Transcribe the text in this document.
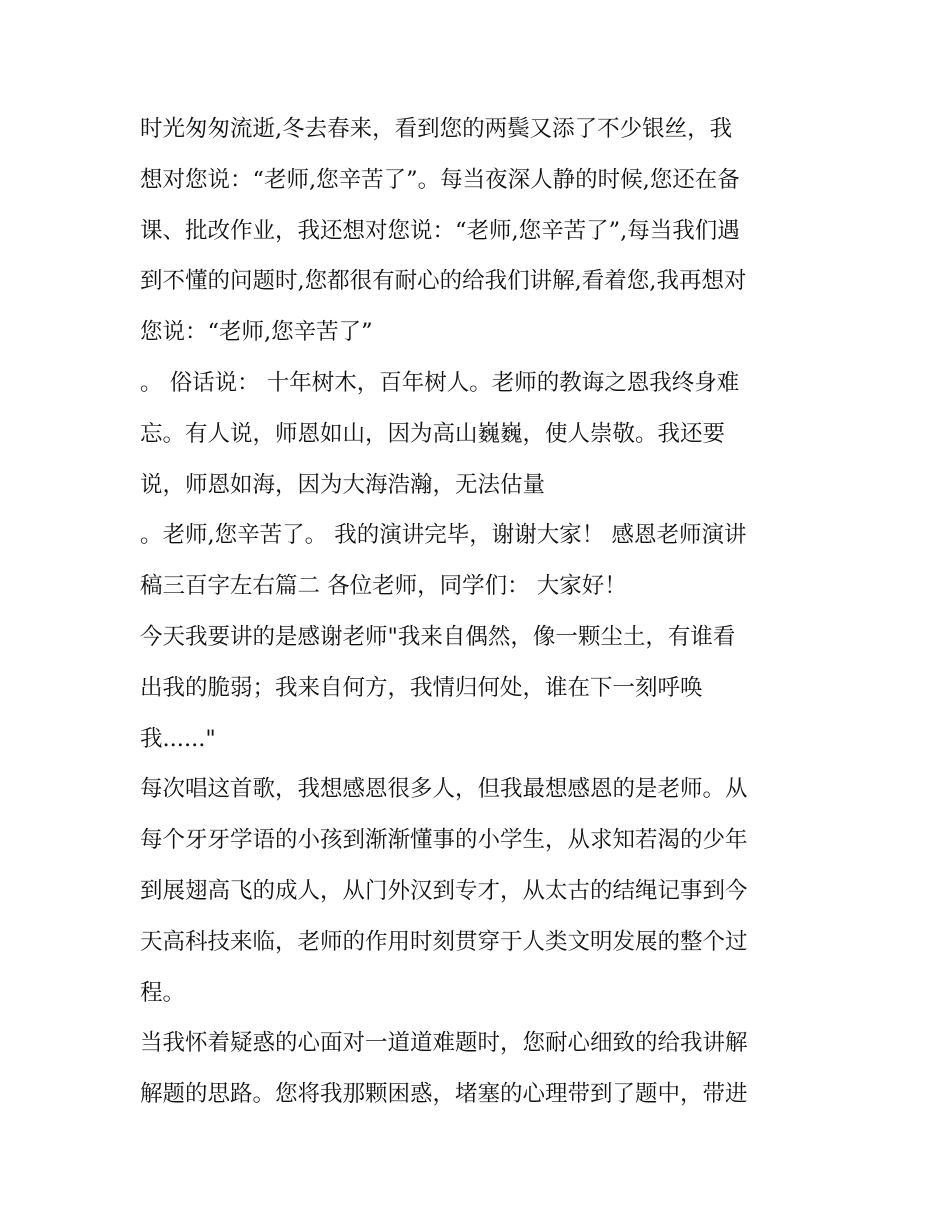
时光匆匆流逝,冬去春来，看到您的两鬓又添了不少银丝，我
想对您说：“老师,您辛苦了”。每当夜深人静的时候,您还在备
课、批改作业，我还想对您说：“老师,您辛苦了”,每当我们遇
到不懂的问题时,您都很有耐心的给我们讲解,看着您,我再想对
您说：“老师,您辛苦了”
。 俗话说： 十年树木，百年树人。老师的教诲之恩我终身难
忘。有人说，师恩如山，因为高山巍巍，使人崇敬。我还要
说，师恩如海，因为大海浩瀚，无法估量
。老师,您辛苦了。 我的演讲完毕，谢谢大家！ 感恩老师演讲
稿三百字左右篇二 各位老师，同学们： 大家好！
今天我要讲的是感谢老师"我来自偶然，像一颗尘土，有谁看
出我的脆弱；我来自何方，我情归何处，谁在下一刻呼唤
我......"
每次唱这首歌，我想感恩很多人，但我最想感恩的是老师。从
每个牙牙学语的小孩到渐渐懂事的小学生，从求知若渴的少年
到展翅高飞的成人，从门外汉到专才，从太古的结绳记事到今
天高科技来临，老师的作用时刻贯穿于人类文明发展的整个过
程。
当我怀着疑惑的心面对一道道难题时，您耐心细致的给我讲解
解题的思路。您将我那颗困惑，堵塞的心理带到了题中，带进
